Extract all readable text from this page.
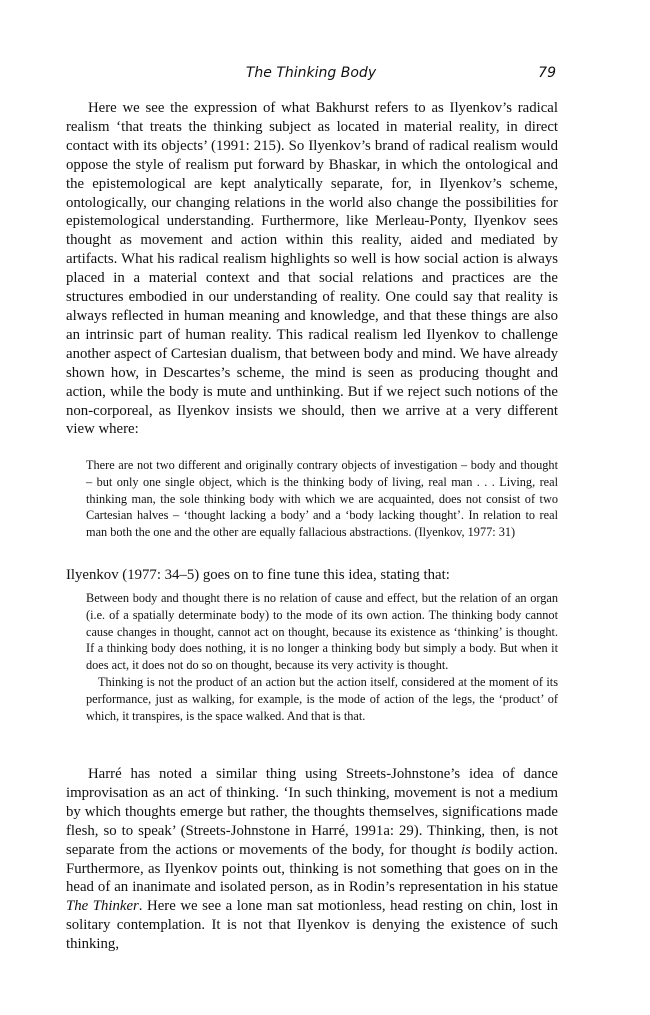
The Thinking Body	79

Here we see the expression of what Bakhurst refers to as Ilyenkov’s radical realism ‘that treats the thinking subject as located in material reality, in direct contact with its objects’ (1991: 215). So Ilyenkov’s brand of radical realism would oppose the style of realism put forward by Bhaskar, in which the ontological and the epistemological are kept analytically separate, for, in Ilyenkov’s scheme, ontologically, our changing relations in the world also change the possibilities for epistemological understanding. Furthermore, like Merleau-Ponty, Ilyenkov sees thought as movement and action within this reality, aided and mediated by artifacts. What his radical realism highlights so well is how social action is always placed in a material context and that social relations and practices are the structures embodied in our understanding of reality. One could say that reality is always reflected in human meaning and knowledge, and that these things are also an intrinsic part of human reality. This radical realism led Ilyenkov to challenge another aspect of Cartesian dualism, that between body and mind. We have already shown how, in Descartes’s scheme, the mind is seen as producing thought and action, while the body is mute and unthinking. But if we reject such notions of the non-corporeal, as Ilyenkov insists we should, then we arrive at a very different view where:

There are not two different and originally contrary objects of investigation – body and thought – but only one single object, which is the thinking body of living, real man . . . Living, real thinking man, the sole thinking body with which we are acquainted, does not consist of two Cartesian halves – ‘thought lacking a body’ and a ‘body lacking thought’. In relation to real man both the one and the other are equally fallacious abstractions. (Ilyenkov, 1977: 31)

Ilyenkov (1977: 34–5) goes on to fine tune this idea, stating that:

Between body and thought there is no relation of cause and effect, but the relation of an organ (i.e. of a spatially determinate body) to the mode of its own action. The thinking body cannot cause changes in thought, cannot act on thought, because its existence as ‘thinking’ is thought. If a thinking body does nothing, it is no longer a thinking body but simply a body. But when it does act, it does not do so on thought, because its very activity is thought.

Thinking is not the product of an action but the action itself, considered at the moment of its performance, just as walking, for example, is the mode of action of the legs, the ‘product’ of which, it transpires, is the space walked. And that is that.

Harré has noted a similar thing using Streets-Johnstone’s idea of dance improvisation as an act of thinking. ‘In such thinking, movement is not a medium by which thoughts emerge but rather, the thoughts themselves, significations made flesh, so to speak’ (Streets-Johnstone in Harré, 1991a: 29). Thinking, then, is not separate from the actions or movements of the body, for thought is bodily action. Furthermore, as Ilyenkov points out, thinking is not something that goes on in the head of an inanimate and isolated person, as in Rodin’s representation in his statue The Thinker. Here we see a lone man sat motionless, head resting on chin, lost in solitary contemplation. It is not that Ilyenkov is denying the existence of such thinking,
